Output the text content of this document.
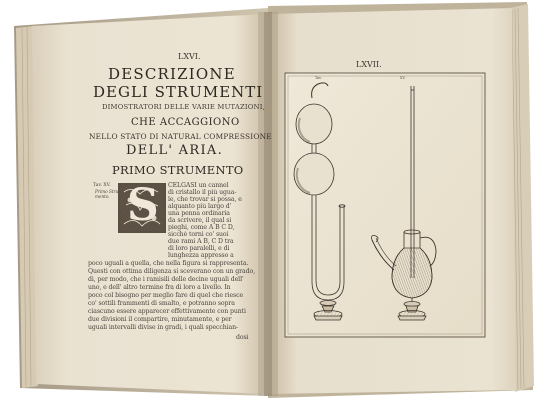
LXVI.
DESCRIZIONE
DEGLI STRUMENTI
DIMOSTRATORI DELLE VARIE MUTAZIONI,
CHE ACCAGGIONO
NELLO STATO DI NATURAL COMPRESSIONE
DELL' ARIA.
PRIMO STRUMENTO
Tav. XV.
Primo Stru-
mento. S CELGASI un cannel
di cristallo il più ugua-
le, che trovar si possa, e
alquanto più largo d'
una penna ordinaria
da scrivere, il qual si
pieghi, come A B C D,
sicchè torni co' suoi
due rami A B, C D tra
di loro paralelli, e di
lunghezza appresso a
poco uguali a quella, che nella figura si rappresenta.
Questi con ottima diligenza si sceverano con un grado,
di, per modo, che i ramisili delle decine uguali dell'
uno, e dell' altro termine fra di loro a livello. In
poco col bisogno per meglio fare di quel che riesce
co' sottili frammenti di smalto, e potranno sopra
ciascuno essere apparecer effettivamente con punti
due divisioni il compartire, minutamente, e per
uguali intervalli divise in gradi, i quali specchian-
dosi
LXVII.
Tav.	XV.
